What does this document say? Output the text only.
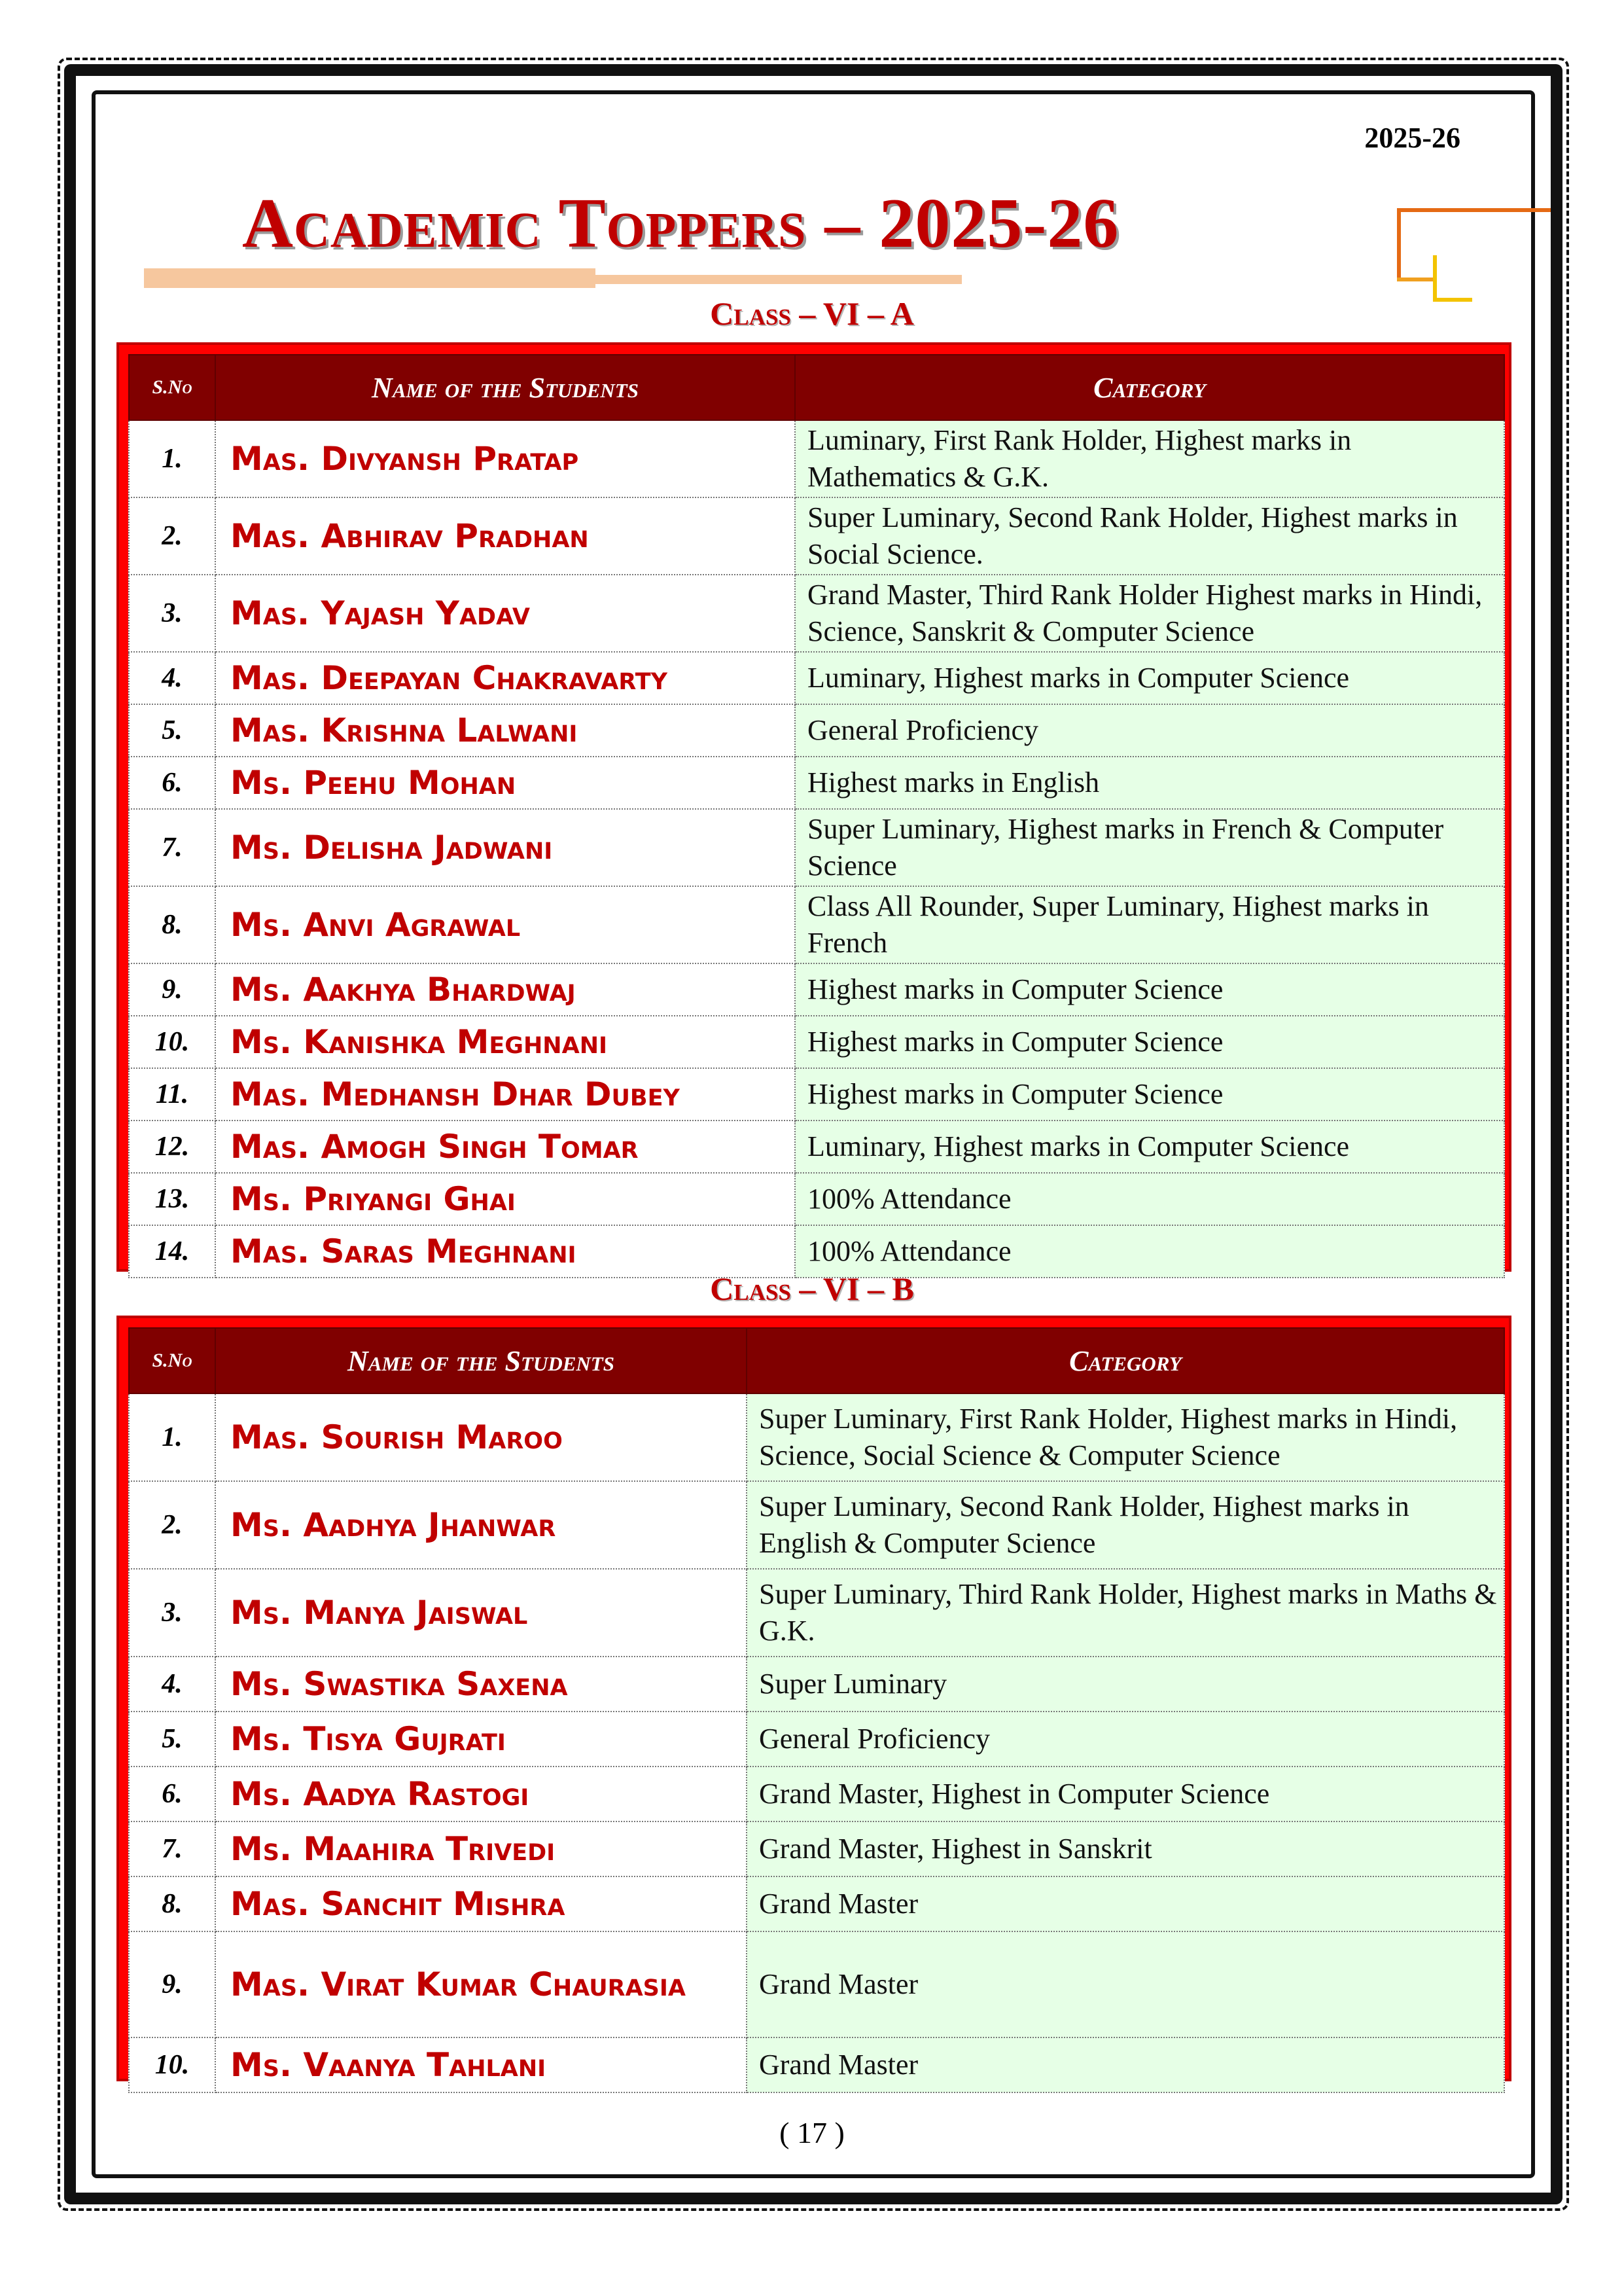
2025-26
Academic Toppers – 2025-26
Class – VI – A
S.No	Name of the Students	Category
1.	Mas. Divyansh Pratap	Luminary, First Rank Holder, Highest marks in Mathematics & G.K.
2.	Mas. Abhirav Pradhan	Super Luminary, Second Rank Holder, Highest marks in Social Science.
3.	Mas. Yajash Yadav	Grand Master, Third Rank Holder Highest marks in Hindi, Science, Sanskrit & Computer Science
4.	Mas. Deepayan Chakravarty	Luminary, Highest marks in Computer Science
5.	Mas. Krishna Lalwani	General Proficiency
6.	Ms. Peehu Mohan	Highest marks in English
7.	Ms. Delisha Jadwani	Super Luminary, Highest marks in French & Computer Science
8.	Ms. Anvi Agrawal	Class All Rounder, Super Luminary, Highest marks in French
9.	Ms. Aakhya Bhardwaj	Highest marks in Computer Science
10.	Ms. Kanishka Meghnani	Highest marks in Computer Science
11.	Mas. Medhansh Dhar Dubey	Highest marks in Computer Science
12.	Mas. Amogh Singh Tomar	Luminary, Highest marks in Computer Science
13.	Ms. Priyangi Ghai	100% Attendance
14.	Mas. Saras Meghnani	100% Attendance
Class – VI – B
S.No	Name of the Students	Category
1.	Mas. Sourish Maroo	Super Luminary, First Rank Holder, Highest marks in Hindi, Science, Social Science & Computer Science
2.	Ms. Aadhya Jhanwar	Super Luminary, Second Rank Holder, Highest marks in English & Computer Science
3.	Ms. Manya Jaiswal	Super Luminary, Third Rank Holder, Highest marks in Maths & G.K.
4.	Ms. Swastika Saxena	Super Luminary
5.	Ms. Tisya Gujrati	General Proficiency
6.	Ms. Aadya Rastogi	Grand Master, Highest in Computer Science
7.	Ms. Maahira Trivedi	Grand Master, Highest in Sanskrit
8.	Mas. Sanchit Mishra	Grand Master
9.	Mas. Virat Kumar Chaurasia	Grand Master
10.	Ms. Vaanya Tahlani	Grand Master
( 17 )
